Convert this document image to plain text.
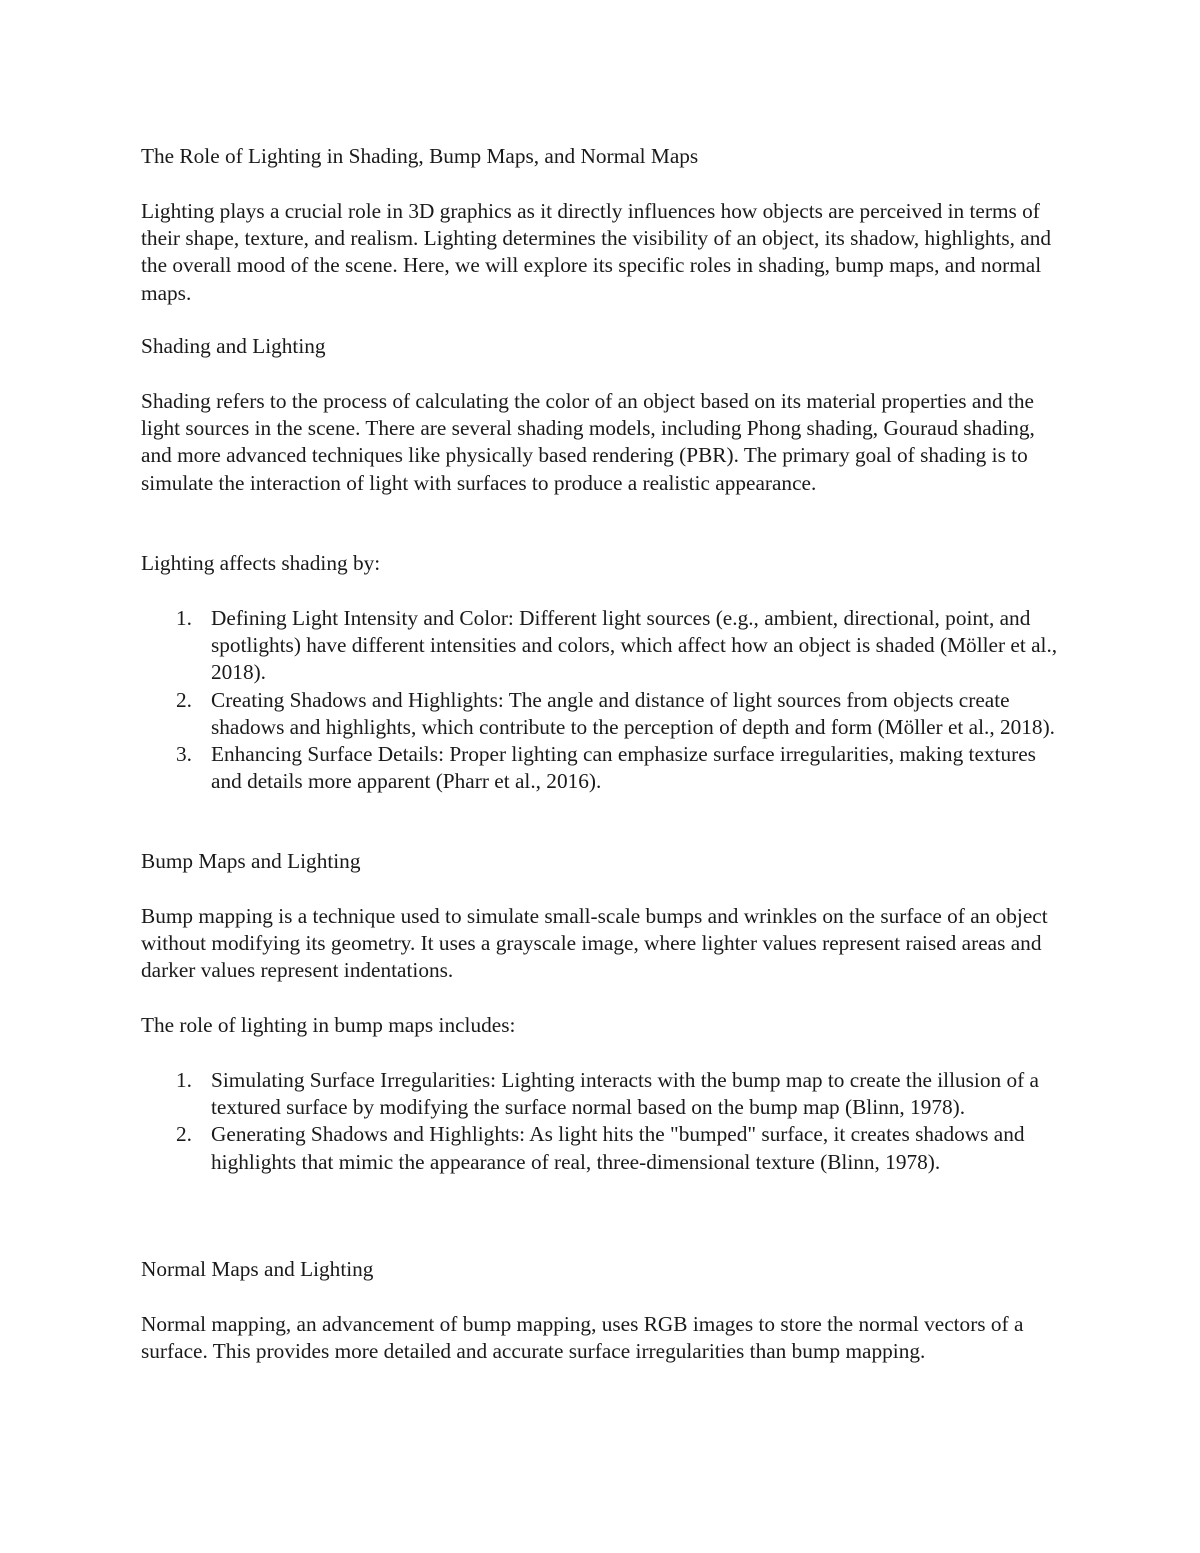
The Role of Lighting in Shading, Bump Maps, and Normal Maps

Lighting plays a crucial role in 3D graphics as it directly influences how objects are perceived in terms of their shape, texture, and realism. Lighting determines the visibility of an object, its shadow, highlights, and the overall mood of the scene. Here, we will explore its specific roles in shading, bump maps, and normal maps.

Shading and Lighting

Shading refers to the process of calculating the color of an object based on its material properties and the light sources in the scene. There are several shading models, including Phong shading, Gouraud shading, and more advanced techniques like physically based rendering (PBR). The primary goal of shading is to simulate the interaction of light with surfaces to produce a realistic appearance.

Lighting affects shading by:

1. Defining Light Intensity and Color: Different light sources (e.g., ambient, directional, point, and spotlights) have different intensities and colors, which affect how an object is shaded (Möller et al., 2018).
2. Creating Shadows and Highlights: The angle and distance of light sources from objects create shadows and highlights, which contribute to the perception of depth and form (Möller et al., 2018).
3. Enhancing Surface Details: Proper lighting can emphasize surface irregularities, making textures and details more apparent (Pharr et al., 2016).

Bump Maps and Lighting

Bump mapping is a technique used to simulate small-scale bumps and wrinkles on the surface of an object without modifying its geometry. It uses a grayscale image, where lighter values represent raised areas and darker values represent indentations.

The role of lighting in bump maps includes:

1. Simulating Surface Irregularities: Lighting interacts with the bump map to create the illusion of a textured surface by modifying the surface normal based on the bump map (Blinn, 1978).
2. Generating Shadows and Highlights: As light hits the "bumped" surface, it creates shadows and highlights that mimic the appearance of real, three-dimensional texture (Blinn, 1978).

Normal Maps and Lighting

Normal mapping, an advancement of bump mapping, uses RGB images to store the normal vectors of a surface. This provides more detailed and accurate surface irregularities than bump mapping.
